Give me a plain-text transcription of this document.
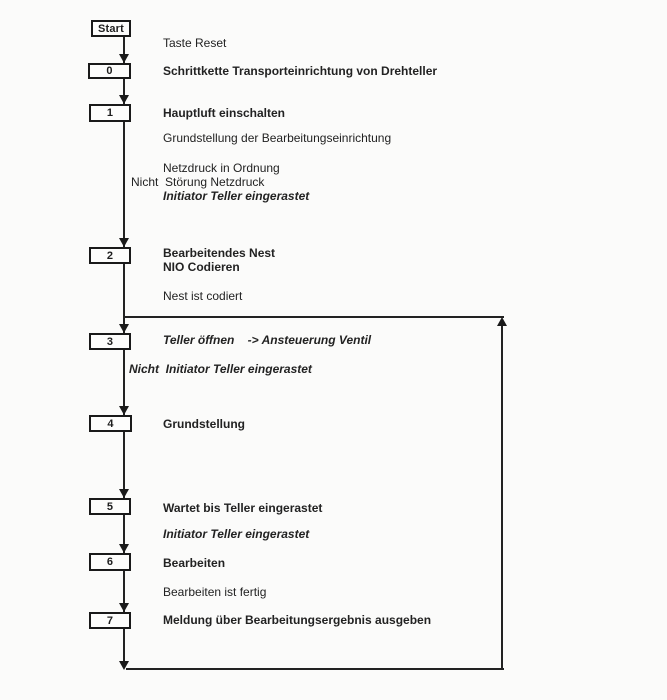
Start
0
1
2
3
4
5
6
7
Taste Reset
Schrittkette Transporteinrichtung von Drehteller
Hauptluft einschalten
Grundstellung der Bearbeitungseinrichtung
Netzdruck in Ordnung
Nicht  Störung Netzdruck
Initiator Teller eingerastet
Bearbeitendes Nest
NIO Codieren
Nest ist codiert
Teller öffnen    -> Ansteuerung Ventil
Nicht  Initiator Teller eingerastet
Grundstellung
Wartet bis Teller eingerastet
Initiator Teller eingerastet
Bearbeiten
Bearbeiten ist fertig
Meldung über Bearbeitungsergebnis ausgeben
